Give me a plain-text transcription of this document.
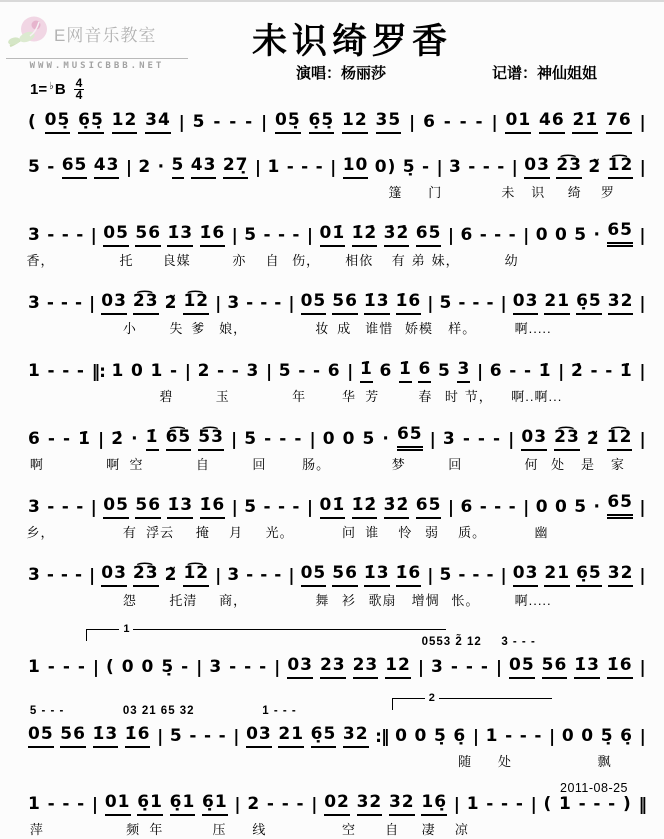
E网音乐教室
WWW.MUSICBBB.NET
未识绮罗香
演唱：杨丽莎	记谱：神仙姐姐
1=♭ B $\frac{4}{4}$
( 05̣ 6̣5̣ 12 34 | 5 - - - | 05̣ 6̣5̣ 12 35 | 6 - - - | 01 46 2̇1̇ 76 |
5 - 65 43 | 2 · 5 43 27̣ | 1 - - - | 10 0) 5̣ - | 3 - - - | 03 2͡3 2̃ 1͡2 |
篷 门	未 识 绮 罗
3 - - - | 05 56 1̇3 1̇6 | 5 - - - | 01̇ 1̇2̇ 3̇2̇ 65 | 6 - - - | 0 0 5 · 65 |
香，	托 良媒	亦 自 伤， 相依 有 弟 妹，	幼
3 - - - | 03 2͡3 2̃ 1͡2 | 3 - - - | 05 56 1̇3 1̇6 | 5 - - - | 03 21 6̣5 32 |
小 失 爹 娘，	妆 成 谁惜 娇模 样。	啊.....
1 - - - ‖: 1 0 1 - | 2 - - 3 | 5 - - 6 | 1̇ 6 1̇ 6 5 3 | 6 - - 1̇ | 2̇ - - 1̇ |
碧	玉	年	华 芳	春 时 节， 啊..啊...
6 - - 1̇ | 2̇ · 1̇ 6͡5 5͡3 | 5 - - - | 0 0 5 · 65 | 3 - - - | 03 2͡3 2̃ 1͡2 |
啊	啊 空	自	回	肠。	梦	回	何 处 是 家
3 - - - | 05 56 1̇3 1̇6 | 5 - - - | 01̇ 1̇2̇ 3̇2̇ 65 | 6 - - - | 0 0 5 · 65 |
乡，	有 浮云 掩 月 光。	问 谁 怜 弱 质。	幽
3 - - - | 03 2͡3 2̃ 1͡2 | 3 - - - | 05 56 1̇3 1̇6 | 5 - - - | 03 21 6̣5 32 |
怨 托清 商，	舞 衫 歌扇 增惆 怅。	啊.....
1
0553 2̃ 12 3 - - -
1 - - - | ( 0 0 5̣ - | 3 - - - | 03 23 23 12 | 3 - - - | 05 56 1̇3 1̇6 |
2
5 - - -	03 21 65 32	1 - - -
05 56 1̇3 1̇6 | 5 - - - | 03 21 6̣5 32 :‖ 0 0 5̣ 6̣ | 1 - - - | 0 0 5̣ 6̣ |
随 处	飘
1 - - - | 01 6̣1 6̣1 6̣1 | 2 - - - | 02 32 32 16̣ | 1 - - - | ( 1 - - - ) ‖
萍	频 年	压 线	空 自 凄 凉
2011-08-25
